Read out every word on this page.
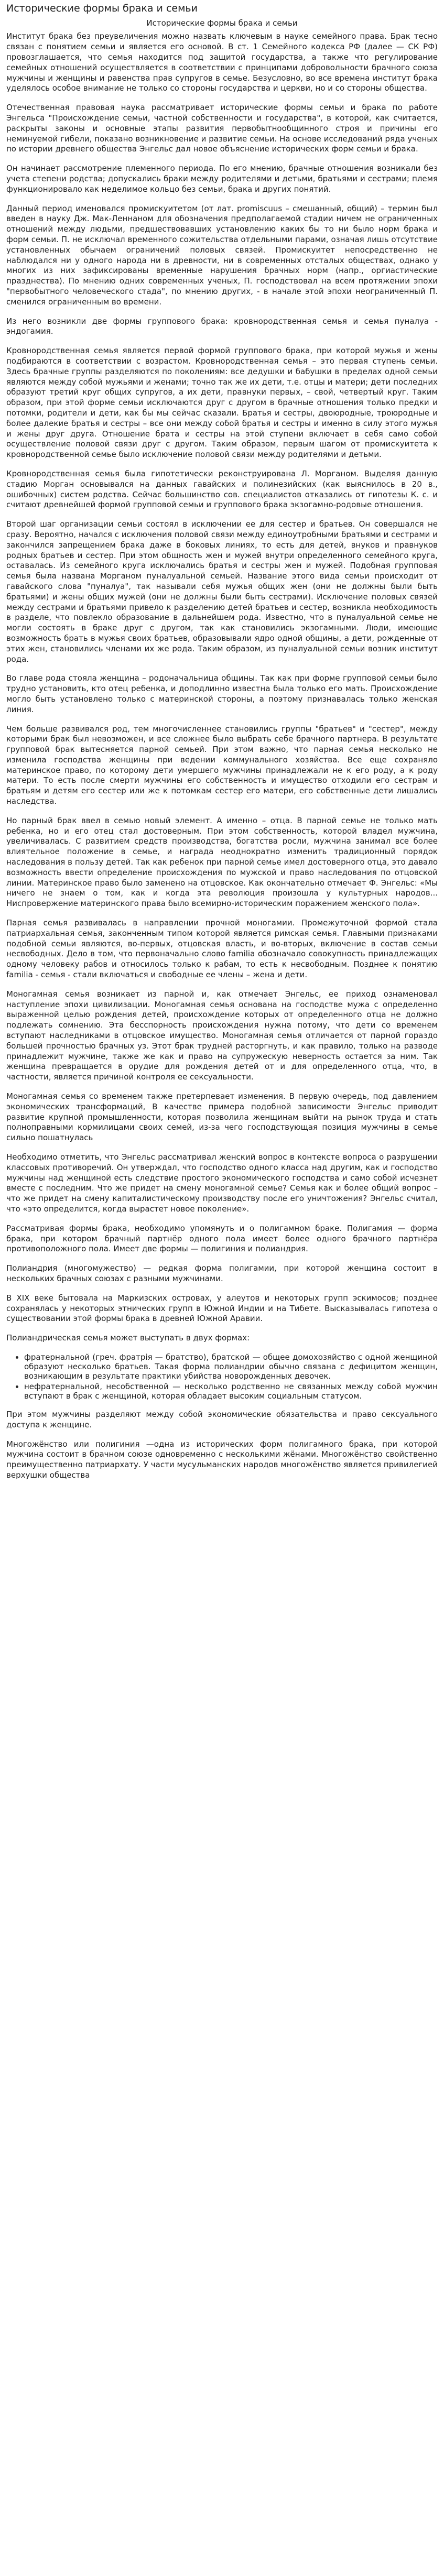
Исторические формы брака и семьи
Исторические формы брака и семьи

Институт брака без преувеличения можно назвать ключевым в науке семейного права. Брак тесно связан с понятием семьи и является его основой. В ст. 1 Семейного кодекса РФ (далее — СК РФ) провозглашается, что семья находится под защитой государства, а также что регулирование семейных отношений осуществляется в соответствии с принципами добровольности брачного союза мужчины и женщины и равенства прав супругов в семье. Безусловно, во все времена институт брака уделялось особое внимание не только со стороны государства и церкви, но и со стороны общества.

Отечественная правовая наука рассматривает исторические формы семьи и брака по работе Энгельса "Происхождение семьи, частной собственности и государства", в которой, как считается, раскрыты законы и основные этапы развития первобытнообщинного строя и причины его неминуемой гибели, показано возникновение и развитие семьи. На основе исследований ряда ученых по истории древнего общества Энгельс дал новое объяснение исторических форм семьи и брака.

Он начинает рассмотрение племенного периода. По его мнению, брачные отношения возникали без учета степени родства; допускались браки между родителями и детьми, братьями и сестрами; племя функционировало как неделимое кольцо без семьи, брака и других понятий.

Данный период именовался промискуитетом (от лат. promiscuus – смешанный, общий) – термин был введен в науку Дж. Мак-Леннаном для обозначения предполагаемой стадии ничем не ограниченных отношений между людьми, предшествовавших установлению каких бы то ни было норм брака и форм семьи. П. не исключал временного сожительства отдельными парами, означая лишь отсутствие установленных обычаем ограничений половых связей. Промискуитет непосредственно не наблюдался ни у одного народа ни в древности, ни в современных отсталых обществах, однако у многих из них зафиксированы временные нарушения брачных норм (напр., оргиастические празднества). По мнению одних современных ученых, П. господствовал на всем протяжении эпохи "первобытного человеческого стада", по мнению других, - в начале этой эпохи неограниченный П. сменился ограниченным во времени.

Из него возникли две формы группового брака: кровнородственная семья и семья пуналуа - эндогамия.

Кровнородственная семья является первой формой группового брака, при которой мужья и жены подбираются в соответствии с возрастом. Кровнородственная семья – это первая ступень семьи. Здесь брачные группы разделяются по поколениям: все дедушки и бабушки в пределах одной семьи являются между собой мужьями и женами; точно так же их дети, т.е. отцы и матери; дети последних образуют третий круг общих супругов, а их дети, правнуки первых, – свой, четвертый круг. Таким образом, при этой форме семьи исключаются друг с другом в брачные отношения только предки и потомки, родители и дети, как бы мы сейчас сказали. Братья и сестры, двоюродные, троюродные и более далекие братья и сестры – все они между собой братья и сестры и именно в силу этого мужья и жены друг друга. Отношение брата и сестры на этой ступени включает в себя само собой осуществление половой связи друг с другом. Таким образом, первым шагом от промискуитета к кровнородственной семье было исключение половой связи между родителями и детьми.

Кровнородственная семья была гипотетически реконструирована Л. Морганом. Выделяя данную стадию Морган основывался на данных гавайских и полинезийских (как выяснилось в 20 в., ошибочных) систем родства. Сейчас большинство сов. специалистов отказались от гипотезы К. с. и считают древнейшей формой групповой семьи и группового брака экзогамно-родовые отношения.

Второй шаг организации семьи состоял в исключении ее для сестер и братьев. Он совершался не сразу. Вероятно, начался с исключения половой связи между единоутробными братьями и сестрами и закончился запрещением брака даже в боковых линиях, то есть для детей, внуков и правнуков родных братьев и сестер. При этом общность жен и мужей внутри определенного семейного круга, оставалась. Из семейного круга исключались братья и сестры жен и мужей. Подобная групповая семья была названа Морганом пуналуальной семьей. Название этого вида семьи происходит от гавайского слова "пуналуа", так называли себя мужья общих жен (они не должны были быть братьями) и жены общих мужей (они не должны были быть сестрами). Исключение половых связей между сестрами и братьями привело к разделению детей братьев и сестер, возникла необходимость в разделе, что повлекло образование в дальнейшем рода. Известно, что в пуналуальной семье не могли состоять в браке друг с другом, так как становились экзогамными. Люди, имеющие возможность брать в мужья своих братьев, образовывали ядро одной общины, а дети, рожденные от этих жен, становились членами их же рода. Таким образом, из пуналуальной семьи возник институт рода.

Во главе рода стояла женщина – родоначальница общины. Так как при форме групповой семьи было трудно установить, кто отец ребенка, и доподлинно известна была только его мать. Происхождение могло быть установлено только с материнской стороны, а поэтому признавалась только женская линия.

Чем больше развивался род, тем многочисленнее становились группы "братьев" и "сестер", между которыми брак был невозможен, и все сложнее было выбрать себе брачного партнера. В результате групповой брак вытесняется парной семьей. При этом важно, что парная семья несколько не изменила господства женщины при ведении коммунального хозяйства. Все еще сохраняло материнское право, по которому дети умершего мужчины принадлежали не к его роду, а к роду матери. То есть после смерти мужчины его собственность и имущество отходили его сестрам и братьям и детям его сестер или же к потомкам сестер его матери, его собственные дети лишались наследства.

Но парный брак ввел в семью новый элемент. А именно – отца. В парной семье не только мать ребенка, но и его отец стал достоверным. При этом собственность, которой владел мужчина, увеличивалась. С развитием средств производства, богатства росли, мужчина занимал все более влиятельное положение в семье, и награда неоднократно изменить традиционный порядок наследования в пользу детей. Так как ребенок при парной семье имел достоверного отца, это давало возможность ввести определение происхождения по мужской и право наследования по отцовской линии. Материнское право было заменено на отцовское. Как окончательно отмечает Ф. Энгельс: «Мы ничего не знаем о том, как и когда эта революция произошла у культурных народов... Ниспровержение материнского права было всемирно-историческим поражением женского пола».

Парная семья развивалась в направлении прочной моногамии. Промежуточной формой стала патриархальная семья, законченным типом которой является римская семья. Главными признаками подобной семьи являются, во-первых, отцовская власть, и во-вторых, включение в состав семьи несвободных. Дело в том, что первоначально слово familia обозначало совокупность принадлежащих одному человеку рабов и относилось только к рабам, то есть к несвободным. Позднее к понятию familia - семья - стали включаться и свободные ее члены – жена и дети.

Моногамная семья возникает из парной и, как отмечает Энгельс, ее приход ознаменовал наступление эпохи цивилизации. Моногамная семья основана на господстве мужа с определенно выраженной целью рождения детей, происхождение которых от определенного отца не должно подлежать сомнению. Эта бесспорность происхождения нужна потому, что дети со временем вступают наследниками в отцовское имущество. Моногамная семья отличается от парной гораздо большей прочностью брачных уз. Этот брак трудней расторгнуть, и как правило, только на разводе принадлежит мужчине, также же как и право на супружескую неверность остается за ним. Так женщина превращается в орудие для рождения детей от и для определенного отца, что, в частности, является причиной контроля ее сексуальности.

Моногамная семья со временем также претерпевает изменения. В первую очередь, под давлением экономических трансформаций, В качестве примера подобной зависимости Энгельс приводит развитие крупной промышленности, которая позволила женщинам выйти на рынок труда и стать полноправными кормилицами своих семей, из-за чего господствующая позиция мужчины в семье сильно пошатнулась

Необходимо отметить, что Энгельс рассматривал женский вопрос в контексте вопроса о разрушении классовых противоречий. Он утверждал, что господство одного класса над другим, как и господство мужчины над женщиной есть следствие простого экономического господства и само собой исчезнет вместе с последним. Что же придет на смену моногамной семье? Семья как и более общий вопрос – что же придет на смену капиталистическому производству после его уничтожения? Энгельс считал, что «это определится, когда вырастет новое поколение».

Рассматривая формы брака, необходимо упомянуть и о полигамном браке. Полигамия — форма брака, при котором брачный партнёр одного пола имеет более одного брачного партнёра противоположного пола. Имеет две формы — полигиния и полиандрия.

Полиандрия (многомужество) — редкая форма полигамии, при которой женщина состоит в нескольких брачных союзах с разными мужчинами.

В XIX веке бытовала на Маркизских островах, у алеутов и некоторых групп эскимосов; позднее сохранялась у некоторых этнических групп в Южной Индии и на Тибете. Высказывалась гипотеза о существовании этой формы брака в древней Южной Аравии.

Полиандрическая семья может выступать в двух формах:

• фратернальной (греч. фратрія — братство), братской — общее домохозяйство с одной женщиной образуют несколько братьев. Такая форма полиандрии обычно связана с дефицитом женщин, возникающим в результате практики убийства новорожденных девочек.
• нефратернальной, несобственной — несколько родственно не связанных между собой мужчин вступают в брак с женщиной, которая обладает высоким социальным статусом.

При этом мужчины разделяют между собой экономические обязательства и право сексуального доступа к женщине.

Многожёнство или полигиния —одна из исторических форм полигамного брака, при которой мужчина состоит в брачном союзе одновременно с несколькими жёнами. Многожёнство свойственно преимущественно патриархату. У части мусульманских народов многожёнство является привилегией верхушки общества
